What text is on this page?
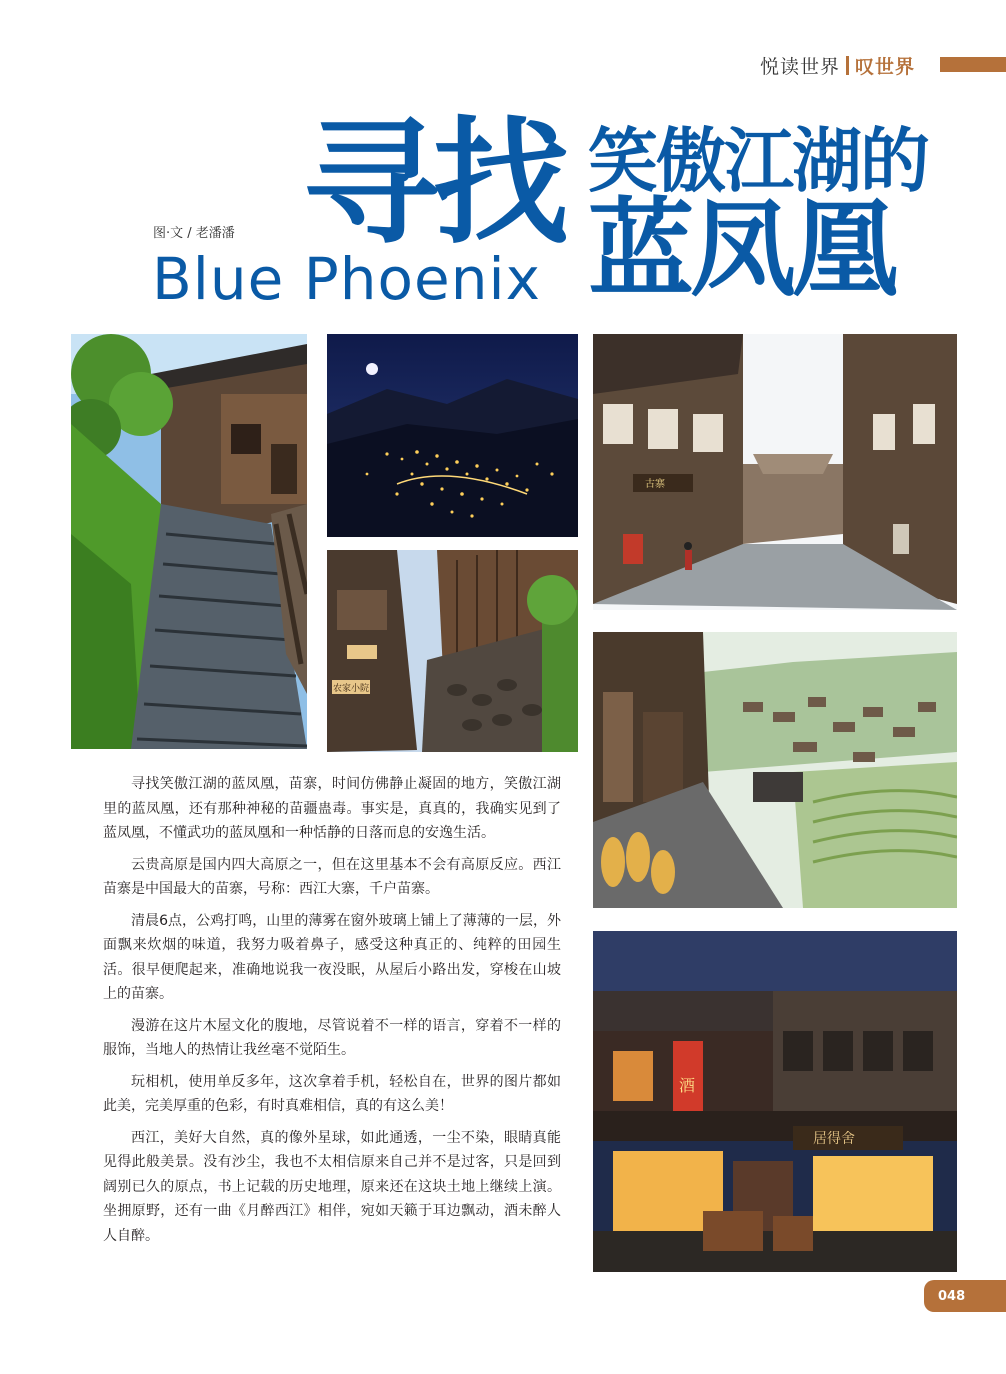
悦读世界 叹世界
寻找 笑傲江湖的
蓝凤凰
图·文 / 老潘潘
Blue Phoenix
农家小院
古寨
酒
居得舍

寻找笑傲江湖的蓝凤凰，苗寨，时间仿佛静止凝固的地方，笑傲江湖里的蓝凤凰，还有那种神秘的苗疆蛊毒。事实是，真真的，我确实见到了蓝凤凰，不懂武功的蓝凤凰和一种恬静的日落而息的安逸生活。

云贵高原是国内四大高原之一，但在这里基本不会有高原反应。西江苗寨是中国最大的苗寨，号称：西江大寨，千户苗寨。

清晨6点，公鸡打鸣，山里的薄雾在窗外玻璃上铺上了薄薄的一层，外面飘来炊烟的味道，我努力吸着鼻子，感受这种真正的、纯粹的田园生活。很早便爬起来，准确地说我一夜没眠，从屋后小路出发，穿梭在山坡上的苗寨。

漫游在这片木屋文化的腹地，尽管说着不一样的语言，穿着不一样的服饰，当地人的热情让我丝毫不觉陌生。

玩相机，使用单反多年，这次拿着手机，轻松自在，世界的图片都如此美，完美厚重的色彩，有时真难相信，真的有这么美！

西江，美好大自然，真的像外星球，如此通透，一尘不染，眼睛真能见得此般美景。没有沙尘，我也不太相信原来自己并不是过客，只是回到阔别已久的原点，书上记载的历史地理，原来还在这块土地上继续上演。坐拥原野，还有一曲《月醉西江》相伴，宛如天籁于耳边飘动，酒未醉人人自醉。

048
